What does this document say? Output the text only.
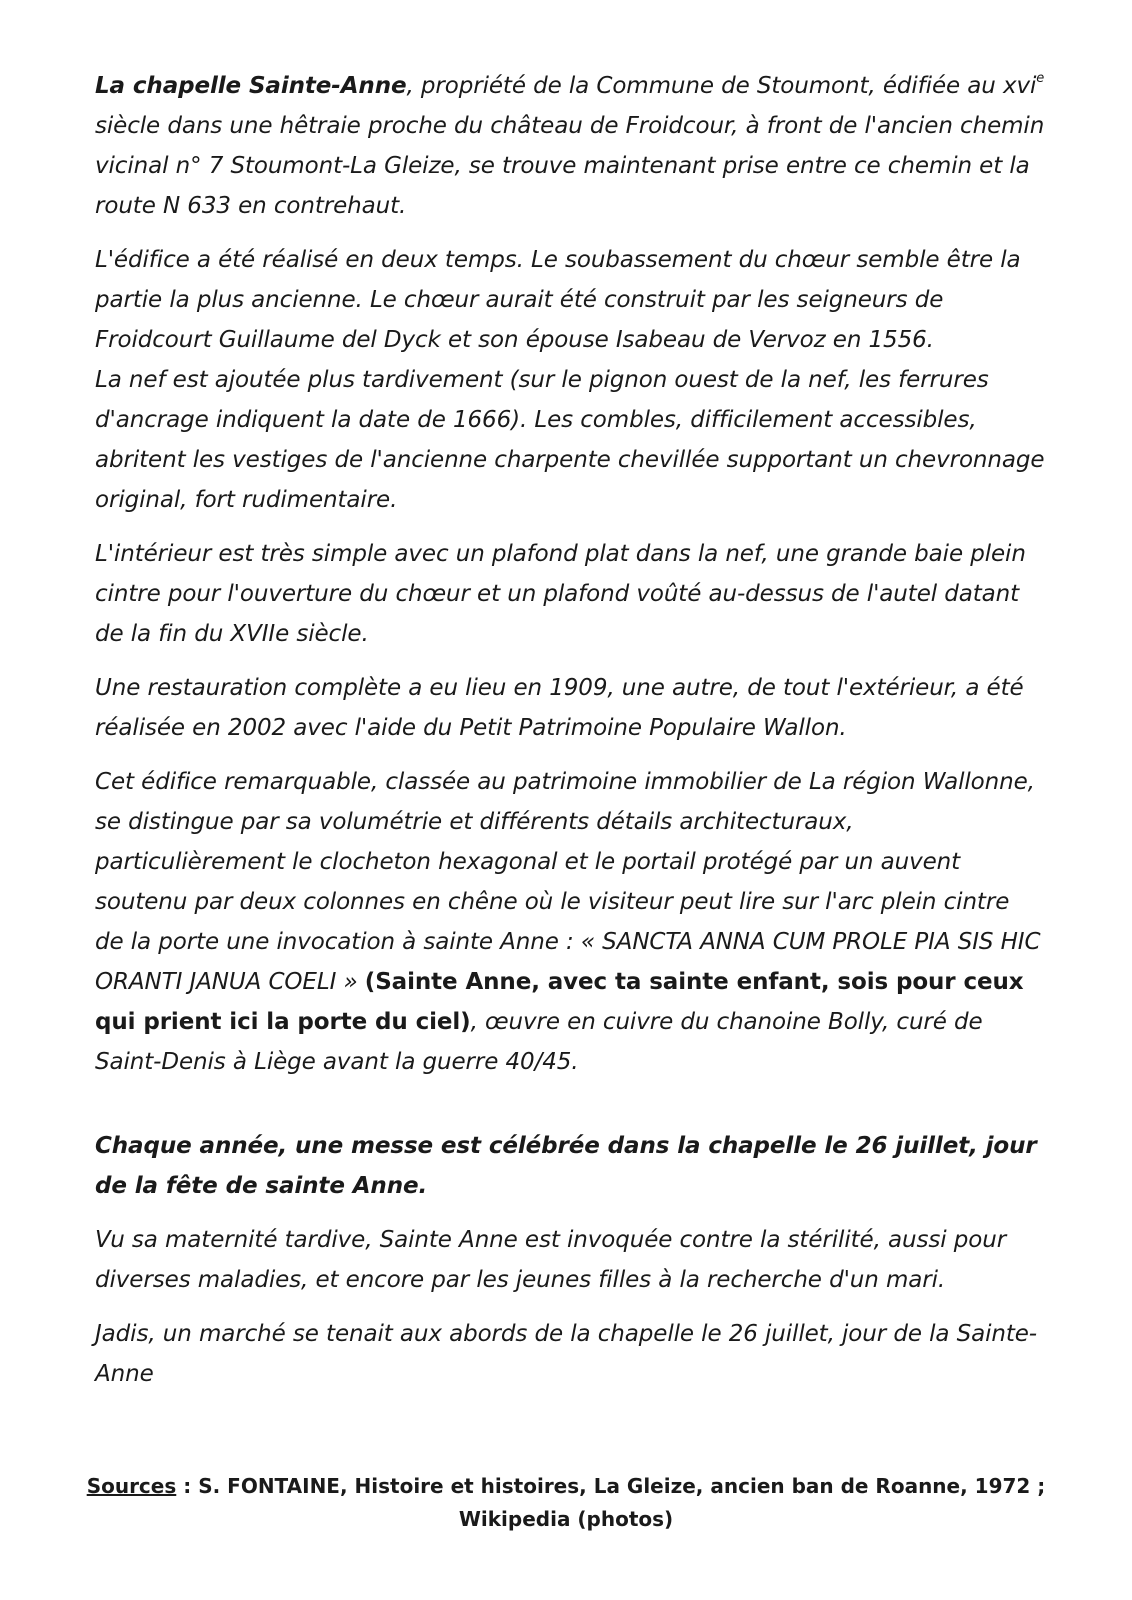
La chapelle Sainte-Anne, propriété de la Commune de Stoumont, édifiée au xvi$^e$ siècle dans une hêtraie proche du château de Froidcour, à front de l'ancien chemin vicinal n° 7 Stoumont-La Gleize, se trouve maintenant prise entre ce chemin et la route N 633 en contrehaut.

L'édifice a été réalisé en deux temps. Le soubassement du chœur semble être la partie la plus ancienne. Le chœur aurait été construit par les seigneurs de Froidcourt Guillaume del Dyck et son épouse Isabeau de Vervoz en 1556.
La nef est ajoutée plus tardivement (sur le pignon ouest de la nef, les ferrures d'ancrage indiquent la date de 1666). Les combles, difficilement accessibles, abritent les vestiges de l'ancienne charpente chevillée supportant un chevronnage original, fort rudimentaire.

L'intérieur est très simple avec un plafond plat dans la nef, une grande baie plein cintre pour l'ouverture du chœur et un plafond voûté au-dessus de l'autel datant de la fin du XVIIe siècle.

Une restauration complète a eu lieu en 1909, une autre, de tout l'extérieur, a été réalisée en 2002 avec l'aide du Petit Patrimoine Populaire Wallon.

Cet édifice remarquable, classée au patrimoine immobilier de La région Wallonne, se distingue par sa volumétrie et différents détails architecturaux, particulièrement le clocheton hexagonal et le portail protégé par un auvent soutenu par deux colonnes en chêne où le visiteur peut lire sur l'arc plein cintre de la porte une invocation à sainte Anne : « SANCTA ANNA CUM PROLE PIA SIS HIC ORANTI JANUA COELI » (Sainte Anne, avec ta sainte enfant, sois pour ceux qui prient ici la porte du ciel), œuvre en cuivre du chanoine Bolly, curé de Saint-Denis à Liège avant la guerre 40/45.

Chaque année, une messe est célébrée dans la chapelle le 26 juillet, jour de la fête de sainte Anne.

Vu sa maternité tardive, Sainte Anne est invoquée contre la stérilité, aussi pour diverses maladies, et encore par les jeunes filles à la recherche d'un mari.

Jadis, un marché se tenait aux abords de la chapelle le 26 juillet, jour de la Sainte-Anne

Sources : S. FONTAINE, Histoire et histoires, La Gleize, ancien ban de Roanne, 1972 ;
Wikipedia (photos)
